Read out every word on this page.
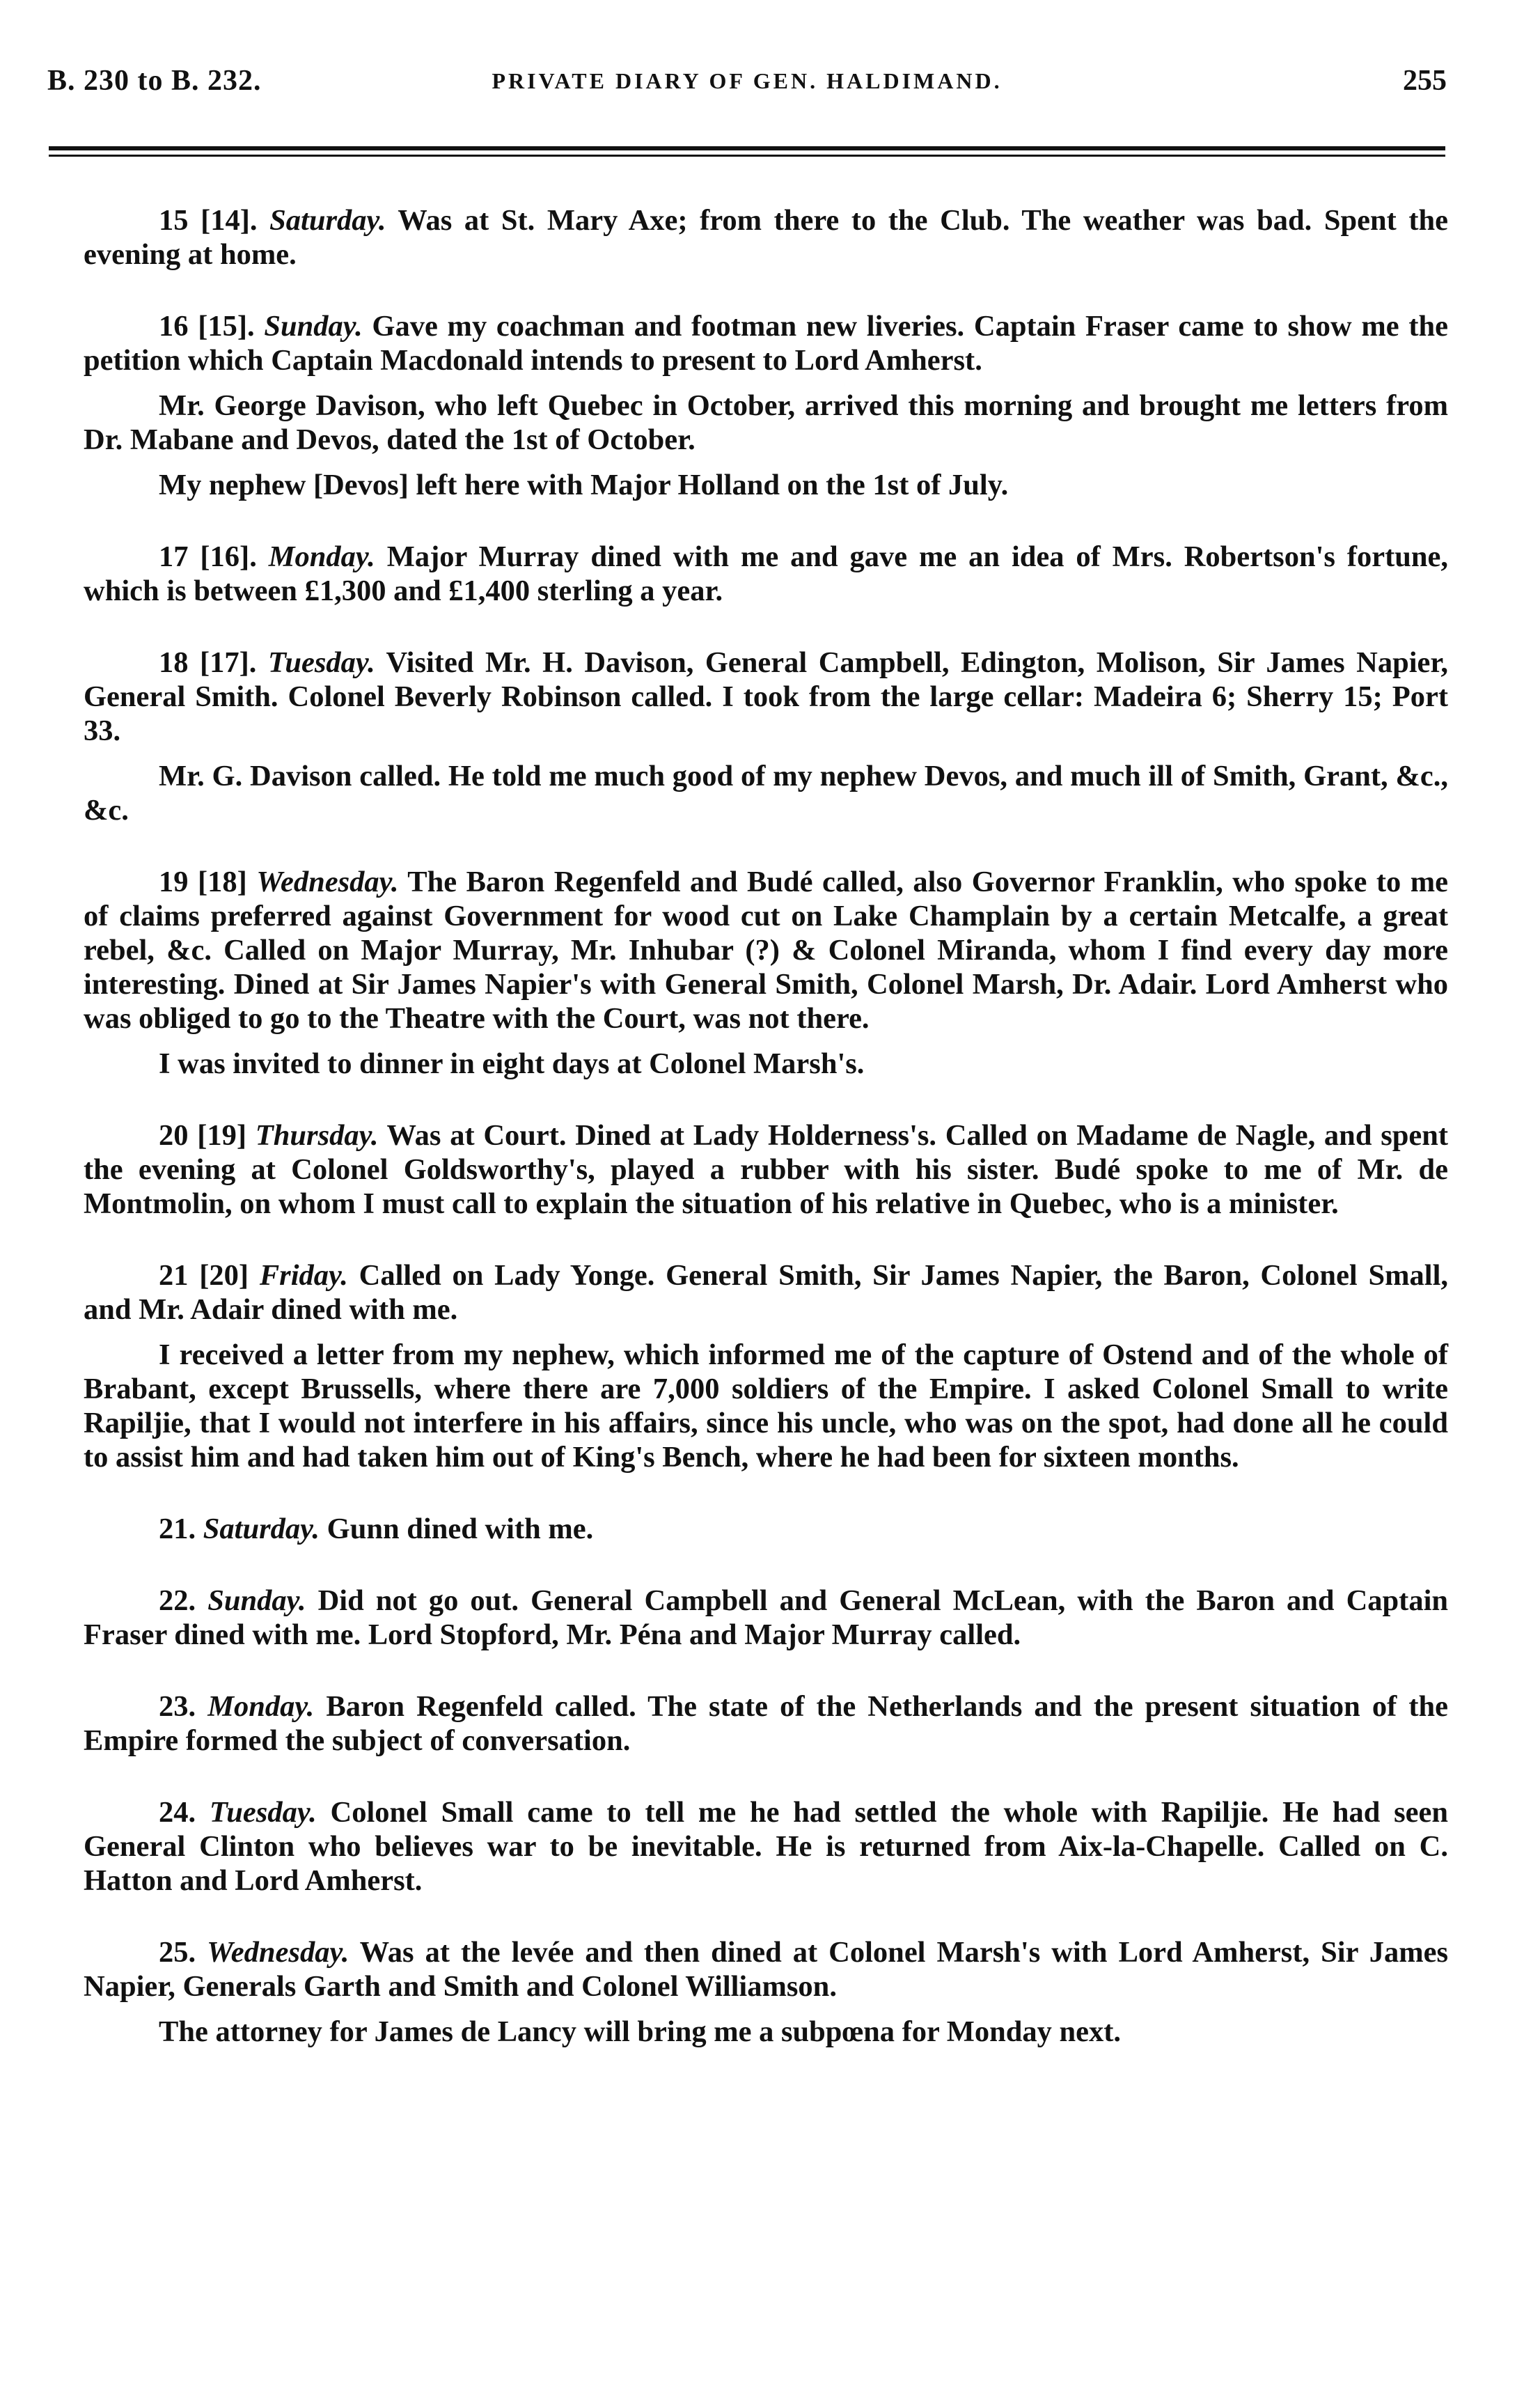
B. 230 to B. 232.	PRIVATE DIARY OF GEN. HALDIMAND.	255

15 [14]. Saturday. Was at St. Mary Axe; from there to the Club. The weather was bad. Spent the evening at home.

16 [15]. Sunday. Gave my coachman and footman new liveries. Captain Fraser came to show me the petition which Captain Macdonald intends to present to Lord Amherst.

Mr. George Davison, who left Quebec in October, arrived this morning and brought me letters from Dr. Mabane and Devos, dated the 1st of October.

My nephew [Devos] left here with Major Holland on the 1st of July.

17 [16]. Monday. Major Murray dined with me and gave me an idea of Mrs. Robertson's fortune, which is between £1,300 and £1,400 sterling a year.

18 [17]. Tuesday. Visited Mr. H. Davison, General Campbell, Edington, Molison, Sir James Napier, General Smith. Colonel Beverly Robinson called. I took from the large cellar: Madeira 6; Sherry 15; Port 33.

Mr. G. Davison called. He told me much good of my nephew Devos, and much ill of Smith, Grant, &c., &c.

19 [18] Wednesday. The Baron Regenfeld and Budé called, also Governor Franklin, who spoke to me of claims preferred against Government for wood cut on Lake Champlain by a certain Metcalfe, a great rebel, &c. Called on Major Murray, Mr. Inhubar (?) & Colonel Miranda, whom I find every day more interesting. Dined at Sir James Napier's with General Smith, Colonel Marsh, Dr. Adair. Lord Amherst who was obliged to go to the Theatre with the Court, was not there.

I was invited to dinner in eight days at Colonel Marsh's.

20 [19] Thursday. Was at Court. Dined at Lady Holderness's. Called on Madame de Nagle, and spent the evening at Colonel Goldsworthy's, played a rubber with his sister. Budé spoke to me of Mr. de Montmolin, on whom I must call to explain the situation of his relative in Quebec, who is a minister.

21 [20] Friday. Called on Lady Yonge. General Smith, Sir James Napier, the Baron, Colonel Small, and Mr. Adair dined with me.

I received a letter from my nephew, which informed me of the capture of Ostend and of the whole of Brabant, except Brussells, where there are 7,000 soldiers of the Empire. I asked Colonel Small to write Rapiljie, that I would not interfere in his affairs, since his uncle, who was on the spot, had done all he could to assist him and had taken him out of King's Bench, where he had been for sixteen months.

21. Saturday. Gunn dined with me.

22. Sunday. Did not go out. General Campbell and General McLean, with the Baron and Captain Fraser dined with me. Lord Stopford, Mr. Péna and Major Murray called.

23. Monday. Baron Regenfeld called. The state of the Netherlands and the present situation of the Empire formed the subject of conversation.

24. Tuesday. Colonel Small came to tell me he had settled the whole with Rapiljie. He had seen General Clinton who believes war to be inevitable. He is returned from Aix-la-Chapelle. Called on C. Hatton and Lord Amherst.

25. Wednesday. Was at the levée and then dined at Colonel Marsh's with Lord Amherst, Sir James Napier, Generals Garth and Smith and Colonel Williamson.

The attorney for James de Lancy will bring me a subpœna for Monday next.
